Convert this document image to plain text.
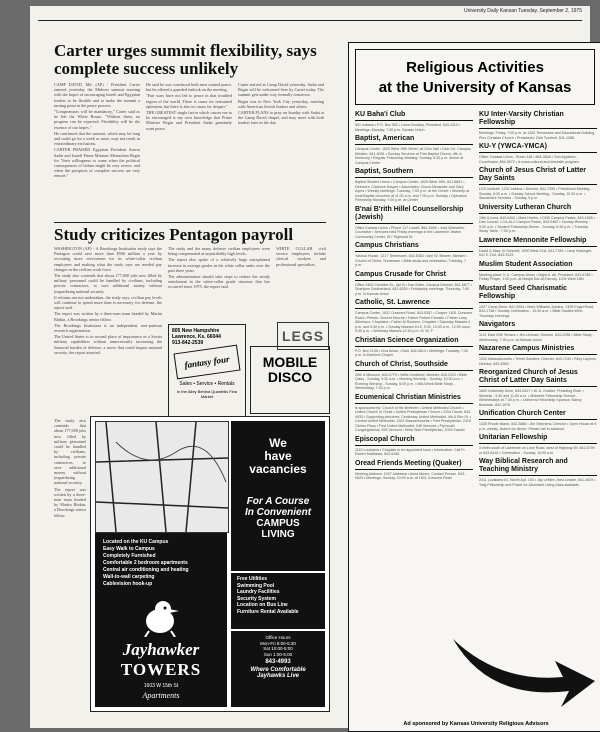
University Daily Kansan Tuesday, September 2, 1975
Carter urges summit flexibility, says complete success unlikely

CAMP DAVID, Md. (AP) - President Carter entered yesterday the Mideast summit meeting with the hopes of encouraging Israeli and Egyptian leaders to be flexible and to make the summit a turning point in the peace process.

"Compromises will be mandatory," Carter said as he left the White House. "Without them, no progress can be expected. Flexibility will be the essence of our hopes."

He confirmed that the summit, which may be long and could go for a week or more, may not result in extraordinary exclusions.

CARTER PRAISED Egyptian President Anwar Sadat and Israeli Prime Minister Menachem Begin for "their willingness to come when the political consequences of failure might be very severe, and when the prospects of complete success are very remote."

He said he was convinced both men wanted peace, but he offered a guarded outlook on the meeting.

"Fair wars have not led to peace in that troubled region of the world. There is cause for restrained optimism, but there is also no cause for despair."

THE GREATEST single factor which causes me to be encouraged is my own knowledge that Prime Minister Begin and President Sadat genuinely want peace.

Carter arrived at Camp David yesterday. Sadat and Begin will be welcomed here by Carter today. The summit gets under way formally tomorrow.

Begin was in New York City yesterday, meeting with American Jewish leaders and others.

CARTER PLANS to pray on Sunday with Sadat at the Camp David chapel, and may meet with both leaders later in the day.

Study criticizes Pentagon payroll

WASHINGTON (AP) - A Brookings Institution study says the Pentagon could save more than $500 million a year by recruiting more servicemen for its white-collar civilian employees and making what the study says are needed pay changes in the civilian work force.

The study also contends that about 177,000 jobs now filled by military personnel could be handled by civilians, including private contractors, to save additional money without jeopardizing national security.

If reforms are not undertaken, the study says, civilian pay levels will continue to spend more than is necessary for defense, the report said.

The report was written by a three-man team headed by Martin Binkin, a Brookings senior fellow.

The Brookings Institution is an independent, non-partisan research organization.

The United States is in second place of importance as a Soviet military capabilities without unnecessarily increasing the financial burden of defense, a move that could impair national security, the report asserted.

The study and the many defense civilian employees were being compensated at unjustifiably high levels.

The report also spoke of a relatively large unexplained increase in average grades in the white collar ranks over the past three years.

The administration should take steps to reduce the steady enrichment in the white-collar grade structure that has occurred since 1975, the report said.

WHITE COLLAR civil service employees include clerical workers and professional specialists.

LEGS
805 New Hampshire
Lawrence, Ks. 66044
913-842-2539
fantasy four
Sales • Service • Rentals
In the Alley Behind Quantrills Flea Market
MOBILE
DISCO
We
have
vacancies
For A Course
In Convenient
CAMPUS
LIVING
Free Utilities
Swimming Pool
Laundry Facilities
Security System
Location on Bus Line
Furniture Rental Available
Office Hours
Mon-Fri 8:00-5:30
Sat 10:00-5:00
Sun 1:00-5:00
843-4993
Where Comfortable Jayhawks Live
Located on the KU Campus
Easy Walk to Campus
Completely Furnished
Comfortable 2 bedroom apartments
Central air conditioning and heating
Wall-to-wall carpeting
Cablevision hook-up
Jayhawker
TOWERS
1603 W 15th St
Apartments

The study also contends that about 177,000 jobs now filled by military personnel could be handled by civilians, including private contractors, to save additional money without jeopardizing national security.

The report was written by a three-man team headed by Martin Binkin, a Brookings senior fellow.

Religious Activities
at the University of Kansas
KU Baha'i Club
501 Indiana • P.O. Box 552 • Lorne Buckley, President, 843-4110 • Meetings: Monday, 7:30 p.m. Kansas Union
Baptist, American
Campus Center, 1629 West 19th Street, all Ohio Hall • Dick Orr, Campus Minister, 841-6081 • Sunday Services at First Baptist Church, 8th & Kentucky • Regular Fellowship Meeting: Sunday, 5:30 p.m. dinner at Campus Center
Baptist, Southern
Baptist Student Union • Campus Center, 1629 West 19th, 841-6851 • Directors: Clarence Kasper • Associates: Chuck Alexander and Gary Ayres • Weekly meetings: Tuesday, 7:00 p.m. at the Center • Worship at local Baptist churches at 11:00 a.m. and 7:00 p.m. Sunday • Operation Friendship Monday, 7:00 p.m. at Center
B'nai B'rith Hillel Counsellorship (Jewish)
Office Kansas Union • Phone 117 Lowell, 864-3948 • Joey Weinstein, Counselor • Services held Friday evenings in the Lawrence Jewish Community Center, 917 Highland Dr.
Campus Christians
Yashua House, 1217 Tennessee, 842-6363 • Ann W. Brewer, Minister • Church of Christ, Tennessee • Bible study and celebration, Tuesday, 7 p.m.
Campus Crusade for Christ
Office 2400 Crestline Dr., Apt B • Dan Kafer, Campus Director, 841-6677 • Sharilynn Southerland, 842-6339 • Fellowship meetings: Thursday, 7:00 p.m. in Kansas Union
Catholic, St. Lawrence
Campus Center, 1631 Crescent Road, 843-0357 • Chapel: 1631 Crescent Road • Priests: Vincent Krische • Father Robert Dresslin • Father Larry Albertson, Chaplains • Father Al Rockers, Chaplain • Saturday Masses 4 p.m. and 5:30 p.m. • Sunday Masses 8:15, 9:30, 10:30 a.m., 12:00 noon, 5:30 p.m. • Weekday Masses 12:30 p.m. M, W, F
Christian Science Organization
P.O. Box 2136 • Kiva Arkan, Chair, 842-4614 • Meetings: Tuesday, 7:30 p.m. in Danforth Chapel
Church of Christ, Southside
25th & Missouri, 843-0770 • Willis Crediford, Minister, 843-2023 • Bible Class - Sunday, 9:30 a.m. • Morning Worship - Sunday, 10:30 a.m. • Evening Worship - Sunday, 6:00 p.m. • Mid-Week Bible Study - Wednesday, 7:30 p.m.
Ecumenical Christian Ministries
is sponsored by: Church of the Brethren • United Methodist Church • United Church of Christ • United Presbyterian Church • 1204 Oread, 843-4933 • Supporting churches: Centenary United Methodist, 4th & Elm St. • Central United Methodist, 1501 Massachusetts • First Presbyterian, 2415 Clinton Pkwy • First United Methodist, 946 Vermont • Plymouth Congregational, 925 Vermont • West Side Presbyterian, 1024 Kasold
Episcopal Church
1116 Louisiana • Chaplain to be appointed soon • Information: Call Fr. Robert Matthews, 843-6166
Oread Friends Meeting (Quaker)
Meeting Address: 1007 Alabama • Anna Moore, Contact Person, 843-9625 • Meetings: Sunday, 10:00 a.m. at 1601 Crescent Road
KU Inter-Varsity Christian Fellowship
Meetings: Friday, 7:00 p.m. at 1300 Tennessee and Educational Building, Plus Christian Church • Presidents: Dick Turnbull, 841-1288
KU-Y (YWCA-YMCA)
Office: Kansas Union - Room 118 • 864-3848 • Tom Appleton, Coordinator, 864-5972 • A cross-cultural and interfaith program.
Church of Jesus Christ of Latter Day Saints
LDS Institute, 1232 Indiana • Director, 841-7355 • Priesthood Meeting - Sunday, 8:30 a.m. • Sunday School Meeting - Sunday, 10:30 a.m. • Sacrament Services - Sunday, 5 p.m.
University Lutheran Church
15th & Iowa, 843-0462 • Mark Hoehn, LCMS Campus Pastor, 843-1695 • Dan Conrad, LCA-ALC Campus Pastor, 843-0462 • Sunday Worship - 9:30 a.m. • Student Fellowship Dinner - Sunday, 5:30 p.m. • Tuesday Study Table - 7:00 p.m.
Lawrence Mennonite Fellowship
David & Mary Jo Schmidt, 1900 West 21st, 841-7784 • Larry Holsinger, 641 E 21st, 843-9133
Muslim Student Association
Meeting place: K.U. Campus Union • Majid A. Ali, President, 843-6788 • Friday Prayer, 1:00 p.m. at Masjid Dar-Al-Farooq, 1204 West 18th
Mustard Seed Charismatic Fellowship
1927 Camp Drive, 841-3904 • Mark Williams, Advisor, 1305 Engel Road, 843-1748 • Sunday Celebration - 10:30 a.m. • Bible Studies Wed-Thursday evenings
Navigators
1121 East 20th Terrace • Jim Lehman, Director, 843-2098 • Bible Study - Wednesday, 7:30 p.m. at Kansas Union
Nazarene Campus Ministries
1942 Massachusetts • Terrell Sanders, Director, 843-7240 • Riley Laymon, Director, 843-8963
Reorganized Church of Jesus Christ of Latter Day Saints
1600 University Drive, 843-6427 • W. A. Gosline, Presiding Elder • Worship - 9:30 and 11:00 a.m. • Midweek Fellowship Service - Wednesdays at 7:30 p.m. • Uniforms Fellowship Sponsor, Nancy Bowman, 842-1076
Unification Church Center
1335 Rhode Island, 842-3886 • Jim Stephens, Director • Open House at 6 p.m. weekly, lecture for dinner. Please call in advance.
Unitarian Fellowship
3 miles south of Lawrence on Lone Road, west of Highway 59, 842-5799 or 843-6416 • Celebration - Sunday, 10:00 a.m.
Way Biblical Research and Teaching Ministry
2411 Louisiana #1, Wurth Apt. 104 • Jay LeMire, Area Leader, 841-4629 • Twig Fellowship and Power for Abundant Living class available.
Ad sponsored by Kansas University Religious Advisors
